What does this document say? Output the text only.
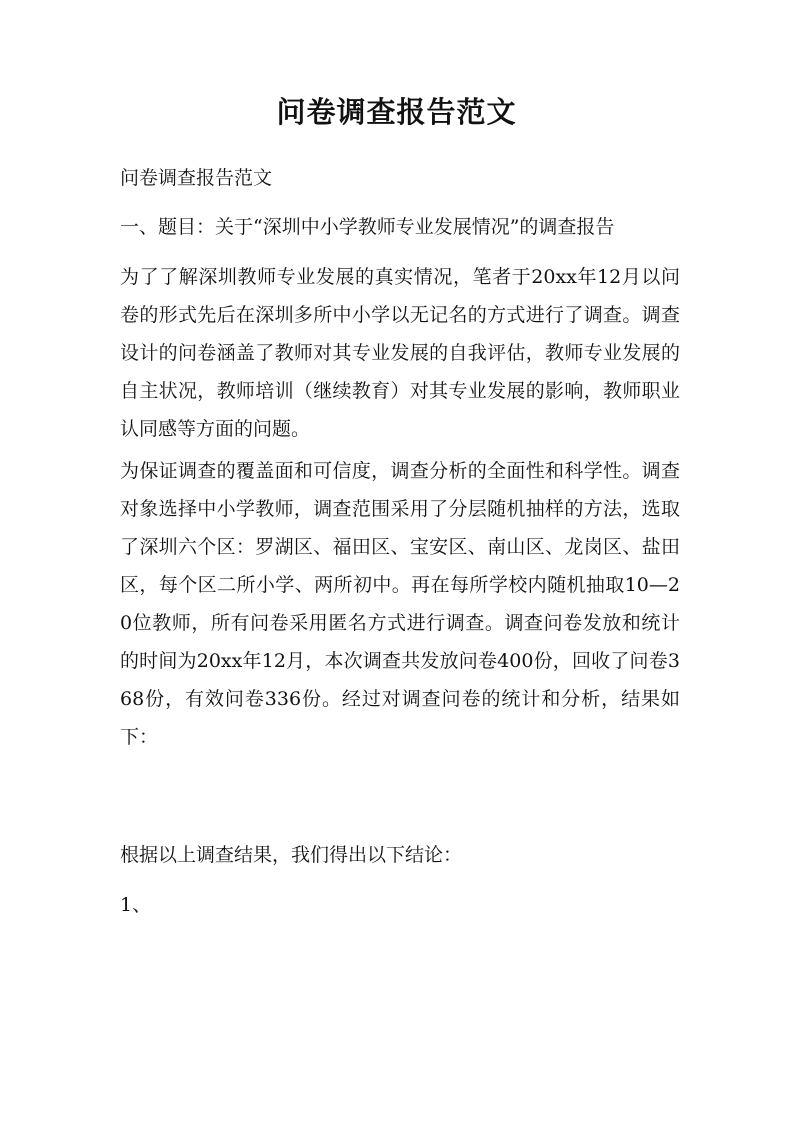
问卷调查报告范文

问卷调查报告范文

一、题目：关于“深圳中小学教师专业发展情况”的调查报告

为了了解深圳教师专业发展的真实情况，笔者于20xx年12月以问卷的形式先后在深圳多所中小学以无记名的方式进行了调查。调查设计的问卷涵盖了教师对其专业发展的自我评估，教师专业发展的自主状况，教师培训（继续教育）对其专业发展的影响，教师职业认同感等方面的问题。

为保证调查的覆盖面和可信度，调查分析的全面性和科学性。调查对象选择中小学教师，调查范围采用了分层随机抽样的方法，选取了深圳六个区：罗湖区、福田区、宝安区、南山区、龙岗区、盐田区，每个区二所小学、两所初中。再在每所学校内随机抽取10—20位教师，所有问卷采用匿名方式进行调查。调查问卷发放和统计的时间为20xx年12月，本次调查共发放问卷400份，回收了问卷368份，有效问卷336份。经过对调查问卷的统计和分析，结果如下：

根据以上调查结果，我们得出以下结论：

1、
